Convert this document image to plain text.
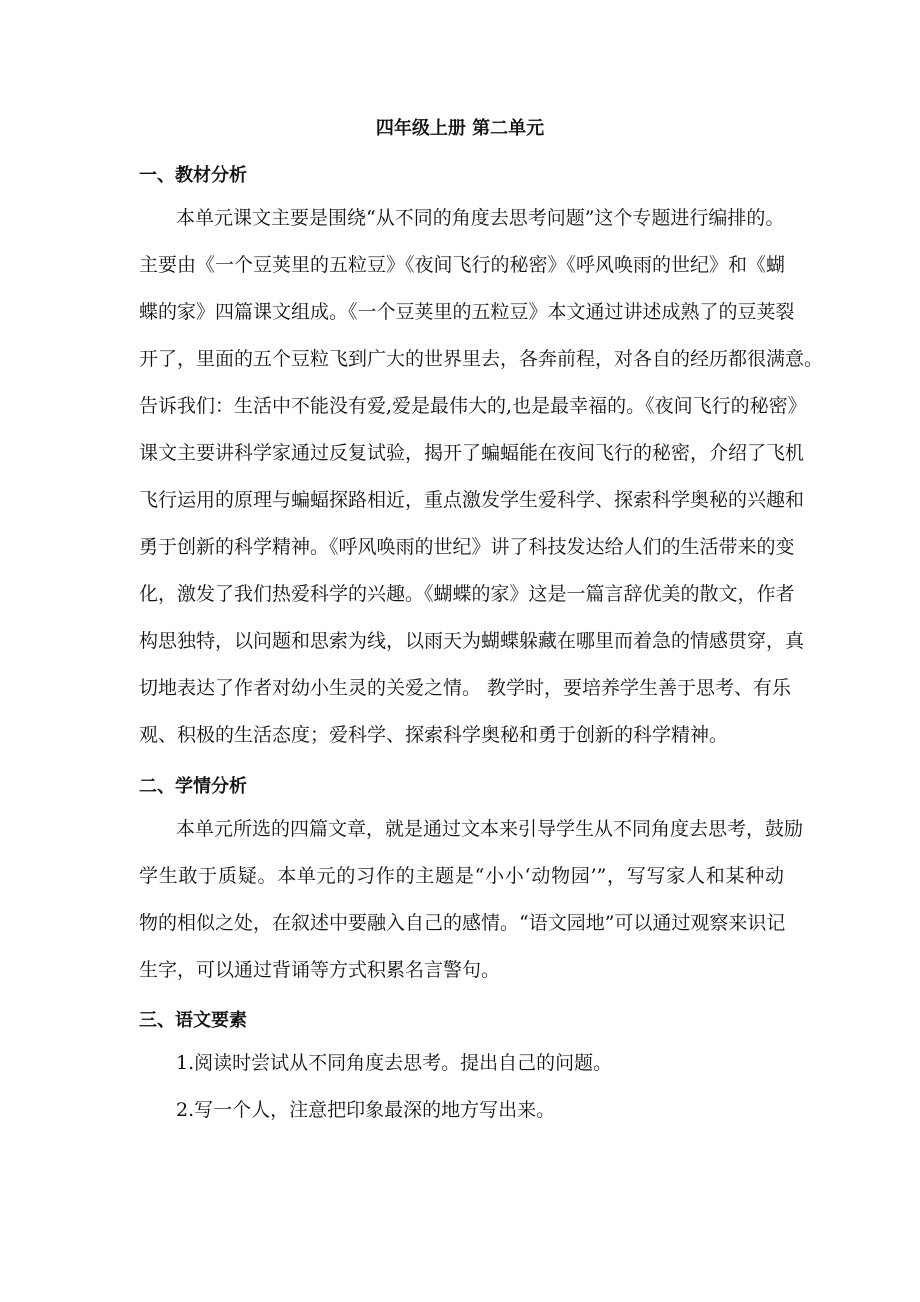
四年级上册 第二单元
一、教材分析
本单元课文主要是围绕“从不同的角度去思考问题”这个专题进行编排的。
主要由《一个豆荚里的五粒豆》《夜间飞行的秘密》《呼风唤雨的世纪》和《蝴
蝶的家》四篇课文组成。《一个豆荚里的五粒豆》本文通过讲述成熟了的豆荚裂
开了，里面的五个豆粒飞到广大的世界里去，各奔前程，对各自的经历都很满意。
告诉我们：生活中不能没有爱,爱是最伟大的,也是最幸福的。《夜间飞行的秘密》
课文主要讲科学家通过反复试验，揭开了蝙蝠能在夜间飞行的秘密，介绍了飞机
飞行运用的原理与蝙蝠探路相近，重点激发学生爱科学、探索科学奥秘的兴趣和
勇于创新的科学精神。《呼风唤雨的世纪》讲了科技发达给人们的生活带来的变
化，激发了我们热爱科学的兴趣。《蝴蝶的家》这是一篇言辞优美的散文，作者
构思独特，以问题和思索为线，以雨天为蝴蝶躲藏在哪里而着急的情感贯穿，真
切地表达了作者对幼小生灵的关爱之情。 教学时，要培养学生善于思考、有乐
观、积极的生活态度；爱科学、探索科学奥秘和勇于创新的科学精神。
二、学情分析
本单元所选的四篇文章，就是通过文本来引导学生从不同角度去思考，鼓励
学生敢于质疑。本单元的习作的主题是“小小‘动物园’”，写写家人和某种动
物的相似之处，在叙述中要融入自己的感情。“语文园地”可以通过观察来识记
生字，可以通过背诵等方式积累名言警句。
三、语文要素
1.阅读时尝试从不同角度去思考。提出自己的问题。
2.写一个人，注意把印象最深的地方写出来。
